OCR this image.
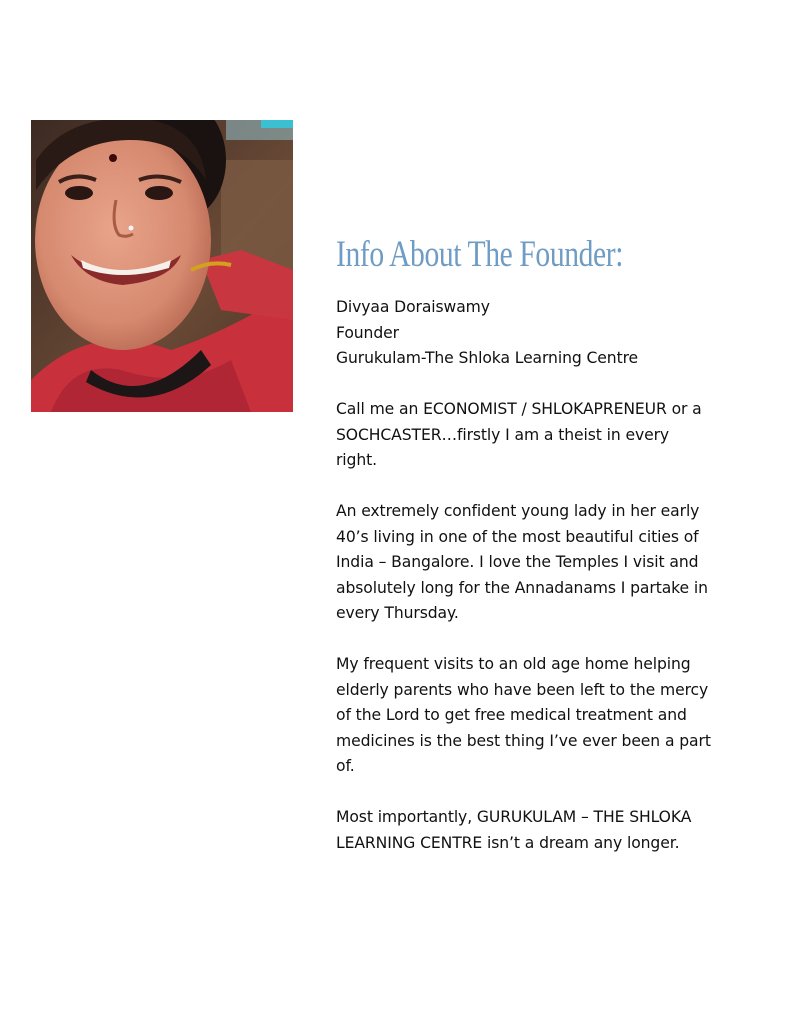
Info About The Founder:
Divyaa Doraiswamy
Founder
Gurukulam-The Shloka Learning Centre
Call me an ECONOMIST / SHLOKAPRENEUR or a
SOCHCASTER…firstly I am a theist in every
right.
An extremely confident young lady in her early
40’s living in one of the most beautiful cities of
India – Bangalore. I love the Temples I visit and
absolutely long for the Annadanams I partake in
every Thursday.
My frequent visits to an old age home helping
elderly parents who have been left to the mercy
of the Lord to get free medical treatment and
medicines is the best thing I’ve ever been a part
of.
Most importantly, GURUKULAM – THE SHLOKA
LEARNING CENTRE isn’t a dream any longer.
